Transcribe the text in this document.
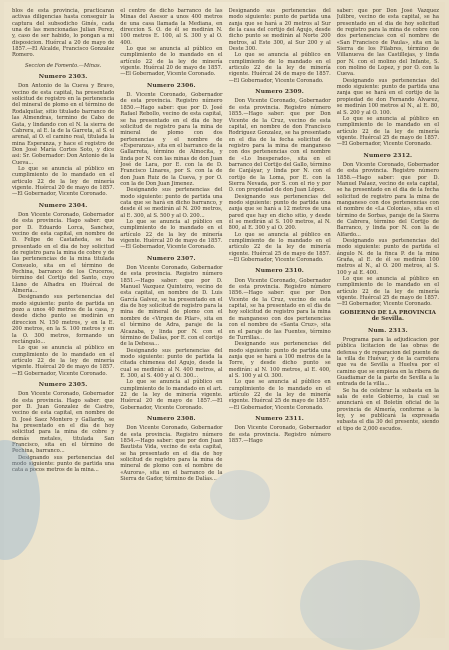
blos de esta provincia, practicaran activas diligencias hasta conseguir la captura del subsodicho Ginés, cada una de las mencionadas Julian Perez, y, caso de ser habido, lo pongan a mi disposicion. Huércal a 20 de mayo de 1857.—El Alcalde, Francisco Gonzalez Romero.

Seccion de Fomento.—Minas.
Numero 2303.

Don Antonio de la Cueva y Bravo, vecino de esta capital, ha presentado solicitud de registro en la pertenencia del mineral de plomo en el término de Rodalquilar, sitio titulado barranco de las Almendras, termino de Cabo de Gata, y lindando con el N. la sierra de Cabrera, al E. la de la Garreta, al S. el arenal, al O. el camino real, titulada la mina Esperanza, y hace el registro de Don José María Cortes Soto, y dice asi: Sr. Gobernador: Don Antonio de la Cueva...

Lo que se anuncia al público en cumplimiento de lo mandado en el articulo 22 de la ley de minería vigente. Huércal 20 de mayo de 1857.—El Gobernador, Vicente Coronado.

Numero 2304.

Don Vicente Coronado, Gobernador de esta provincia. Hago saber: que por D. Eduardo Lorca, Sanchez, vecino de esta capital, en nombre de D. Felipe de Castañeda, se ha presentado en el dia de hoy solicitud de registro para la mina de cobre y de las pertenencias de la mina titulada Consuelo, sita en el término de Pechina, barranco de los Cruceros, término del Cortijo del Santo, cuyo Llano de Alhadra en Huércal de Almería...

Designando sus pertenencias del modo siguiente: punto de partida un pozo a unos 40 metros de la casa, y desde dicho punto se medirán en direccion N. 150 metros, y en la E. 200 metros, en la S. 100 metros y en la O. 300 metros, formando un rectángulo...

Lo que se anuncia al público en cumplimiento de lo mandado en el artículo 22 de la ley de minería vigente. Huércal 20 de mayo de 1857.—El Gobernador, Vicente Coronado.

Numero 2305.

Don Vicente Coronado, Gobernador de esta provincia. Hago saber: que por D. Juan Gonzalez de Castro, vecino de esta capital, en nombre de D. José Saez Montero y Gallardo, se ha presentado en el dia de hoy solicitud para la mina de cobre y demás metales, titulada San Francisco, sita en el término de Pechina, barranco...

Designando sus pertenencias del modo siguiente: punto de partida una cata a pocos metros de la mina...

el centro de dicho barranco de las Minas del Asesor a unos 400 metros de una casa llamada la Mediana, en direccion S. O. de él se medirán N. 100 metros E. 100, al S. 300 y al O. 400.

Lo que se anuncia al público en cumplimiento de lo mandado en el artículo 22 de la ley de minería vigente. Huércal 20 de mayo de 1857.—El Gobernador, Vicente Coronado.

Numero 2306.

D. Vicente Coronado, Gobernador de esta provincia. Registro número 1850.—Hago saber: que por D. José Rafael Rebollo, vecino de esta capital, se ha presentado en el dia de hoy solicitud de registro para la mina de mineral de plomo con dos pertenencias y el nombre de «Esperanza», sita en el barranco de la Gallarreta, término de Almocita, y linda por N. con las minas de don Juan José de Lara, por E. con la de D. Francisco Linares, por S. con la de don Juan Ruiz de la Cueva, y por O. con la de Don Juan Jimenez.

Designando sus pertenencias del modo siguiente: punto de partida una cata que se hará en dicho barranco, y desde él se medirán al N. 200 metros, al E. 300, al S. 500 y al O. 200...

Lo que se anuncia al público en cumplimiento de lo mandado en el artículo 22 de la ley de minería vigente. Huércal 20 de mayo de 1857.—El Gobernador, Vicente Coronado.

Numero 2307.

Don Vicente Coronado, Gobernador de esta provincia. Registro número 1851.—Hago saber: que por D. Manuel Vazquez Quinteiro, vecino de esta capital, en nombre de D. Luis García Galvez, se ha presentado en el dia de hoy solicitud de registro para la mina de mineral de plomo con el nombre de «Virgen de Pilar», sita en el término de Adra, paraje de la Alcazaba, y linda por N. con el término de Dalías, por E. con el cortijo de la Dehesa...

Designando sus pertenencias del modo siguiente: punto de partida la citada chimenea del Agujo, desde la cual se medirán: al N. 400 metros, al E. 300, al S. 400 y al O. 300...

Lo que se anuncia al público en cumplimiento de lo mandado en el art. 22 de la ley de minería vigente. Huércal 20 de mayo de 1857.—El Gobernador, Vicente Coronado.

Numero 2308.

Don Vicente Coronado, Gobernador de esta provincia. Registro número 1854.—Hago saber: que por don Juan Bautista Vida, vecino de esta capital, se ha presentado en el dia de hoy solicitud de registro para la mina de mineral de plomo con el nombre de «Aurora», sita en el barranco de la Sierra de Gador, término de Dalías...

Designando sus pertenencias del modo siguiente: punto de partida una zanja que se hará a 20 metros al Sur de la casa del cortijo del Agujo, desde dicho punto se medirán al Norte 200 metros, al Este 300, al Sur 200 y al Oeste 300.

Lo que se anuncia al público en cumplimiento de lo mandado en el articulo 22 de la ley de minería vigente. Huércal 24 de mayo de 1857.—El Gobernador, Vicente Coronado.

Numero 2309.

Don Vicente Coronado, Gobernador de esta provincia. Registro número 1855.—Hago saber: que por Don Vicente de la Cruz, vecino de esta capital, en nombre de don Francisco Rodriguez Gonzalez, se ha presentado en el dia de la fecha solicitud de registro para la mina de manganeso con dos pertenencias con el nombre de «Lo Inesperado», sita en el barranco del Cortijo del Gallo, término de Canjáyar, y linda por N. con el cortijo de la Loma, por E. con la Sierra Nevada, por S. con el rio y por O. con propiedad de don Juan López.

Designando sus pertenencias del modo siguiente: punto de partida una zanja que se hará a 12 metros de una pared que hay en dicho sitio, y desde él se medirán al S. 100 metros, al N. 800, al E. 300 y al O. 200.

Lo que se anuncia al público en cumplimiento de lo mandado en el artículo 22 de la ley de minería vigente. Huércal 25 de mayo de 1857.—El Gobernador, Vicente Coronado.

Numero 2310.

Don Vicente Coronado, Gobernador de esta provincia. Registro número 1856.—Hago saber: que por Don Vicente de la Cruz, vecino de esta capital, se ha presentado en el dia de hoy solicitud de registro para la mina de manganeso con dos pertenencias con el nombre de «Santa Cruz», sita en el paraje de las Fuentes, término de Turrillas...

Designando sus pertenencias del modo siguiente: punto de partida una zanja que se hará a 100 metros de la Torre, y desde dicho punto se medirán: al N. 100 metros, al E. 400, al S. 100 y al O. 300.

Lo que se anuncia al público en cumplimiento de lo mandado en el artículo 22 de la ley de minería vigente. Huércal 25 de mayo de 1857.—El Gobernador, Vicente Coronado.

Numero 2311.

Don Vicente Coronado, Gobernador de esta provincia. Registro número 1857.—Hago

saber: que por Don José Vazquez Julibre, vecino de esta capital, se ha presentado en el dia de hoy solicitud de registro para la mina de cobre con dos pertenencias con el nombre de «San Francisco de Paula», sita en la Sierra de los Filabres, término de Villanueva de las Castillejas, y linda por N. con el molino del Infante, S. con molino de Lopez, y por O. con la Cueva.

Designando sus pertenencias del modo siguiente: punto de partida una zanja que se hará en el cortijo de la propiedad de don Fernando Alvarez, se medirán 100 metros al N., al E. 80, al S. 200 y al O. 100.

Lo que se anuncia al público en cumplimiento de lo mandado en el artículo 22 de la ley de minería vigente. Huércal 25 de mayo de 1857.—El Gobernador, Vicente Coronado.

Numero 2312.

Don Vicente Coronado, Gobernador de esta provincia. Registro número 1858.—Hago saber: que por D. Manuel Palaez, vecino de esta capital, se ha presentado en el dia de la fecha solicitud de registro para la mina de manganeso con dos pertenencias con el nombre de «La Colonia», sita en el término de Sorbas, paraje de la Sierra de Cabrera, término del Cortijo de Barranco, y linda por N. con la de Alfardo...

Designando sus pertenencias del modo siguiente: punto de partida el ángulo N. de la finca P. de la mina Graña, al E. de él se medirán 100 metros al N., al O. 200 metros, al S. 100 y al E. 400.

Lo que se anuncia al público en cumplimiento de lo mandado en el artículo 22 de la ley de minería vigente. Huércal 25 de mayo de 1857.—El Gobernador, Vicente Coronado.

GOBIERNO DE LA PROVINCIA
de Sevilla.
Num. 2313.

Programa para la adjudicacion por pública licitacion de las obras de defensa y de reparacion del puente de la villa de Huévar, y de la carretera que va de Sevilla a Huelva por el camino que se empieza en la ribera de Guadiamar de la parte de Sevilla a la entrada de la villa...

Se ha de celebrar la subasta en la sala de este Gobierno, la cual se anunciará en el Boletín oficial de la provincia de Almería, conforme a la ley, y se publicará la expresada subasta el dia 30 del presente, siendo el tipo de 2,000 escudos.
